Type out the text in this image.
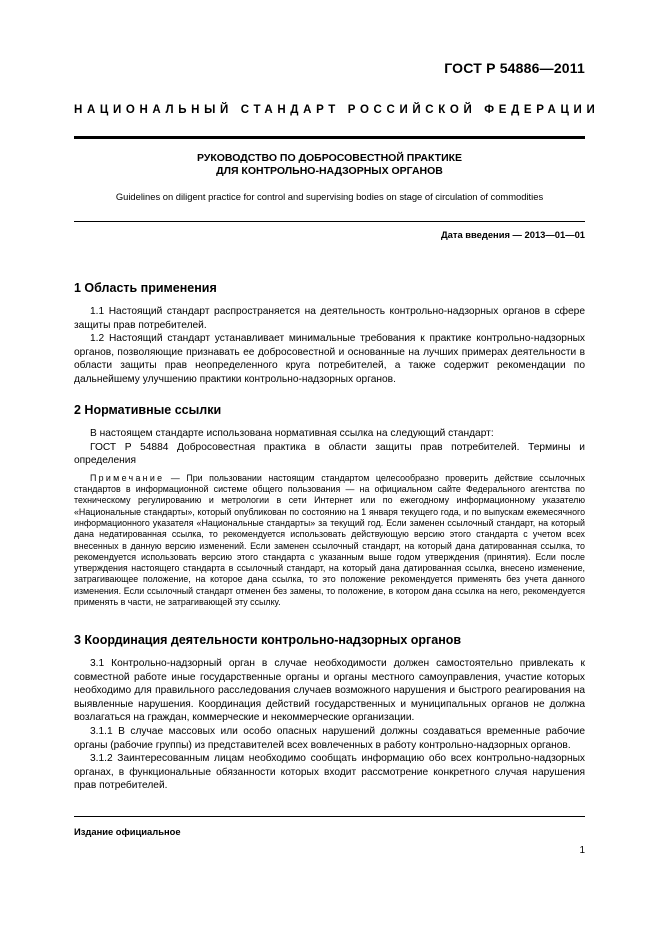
ГОСТ Р 54886—2011
НАЦИОНАЛЬНЫЙ СТАНДАРТ РОССИЙСКОЙ ФЕДЕРАЦИИ
РУКОВОДСТВО ПО ДОБРОСОВЕСТНОЙ ПРАКТИКЕ
ДЛЯ КОНТРОЛЬНО-НАДЗОРНЫХ ОРГАНОВ
Guidelines on diligent practice for control and supervising bodies on stage of circulation of commodities
Дата введения — 2013—01—01
1 Область применения

1.1 Настоящий стандарт распространяется на деятельность контрольно-надзорных органов в сфере защиты прав потребителей.

1.2 Настоящий стандарт устанавливает минимальные требования к практике контрольно-надзорных органов, позволяющие признавать ее добросовестной и основанные на лучших примерах деятельности в области защиты прав неопределенного круга потребителей, а также содержит рекомендации по дальнейшему улучшению практики контрольно-надзорных органов.

2 Нормативные ссылки

В настоящем стандарте использована нормативная ссылка на следующий стандарт:

ГОСТ Р 54884 Добросовестная практика в области защиты прав потребителей. Термины и определения

Примечание — При пользовании настоящим стандартом целесообразно проверить действие ссылочных стандартов в информационной системе общего пользования — на официальном сайте Федерального агентства по техническому регулированию и метрологии в сети Интернет или по ежегодному информационному указателю «Национальные стандарты», который опубликован по состоянию на 1 января текущего года, и по выпускам ежемесячного информационного указателя «Национальные стандарты» за текущий год. Если заменен ссылочный стандарт, на который дана недатированная ссылка, то рекомендуется использовать действующую версию этого стандарта с учетом всех внесенных в данную версию изменений. Если заменен ссылочный стандарт, на который дана датированная ссылка, то рекомендуется использовать версию этого стандарта с указанным выше годом утверждения (принятия). Если после утверждения настоящего стандарта в ссылочный стандарт, на который дана датированная ссылка, внесено изменение, затрагивающее положение, на которое дана ссылка, то это положение рекомендуется применять без учета данного изменения. Если ссылочный стандарт отменен без замены, то положение, в котором дана ссылка на него, рекомендуется применять в части, не затрагивающей эту ссылку.

3 Координация деятельности контрольно-надзорных органов

3.1 Контрольно-надзорный орган в случае необходимости должен самостоятельно привлекать к совместной работе иные государственные органы и органы местного самоуправления, участие которых необходимо для правильного расследования случаев возможного нарушения и быстрого реагирования на выявленные нарушения. Координация действий государственных и муниципальных органов не должна возлагаться на граждан, коммерческие и некоммерческие организации.

3.1.1 В случае массовых или особо опасных нарушений должны создаваться временные рабочие органы (рабочие группы) из представителей всех вовлеченных в работу контрольно-надзорных органов.

3.1.2 Заинтересованным лицам необходимо сообщать информацию обо всех контрольно-надзорных органах, в функциональные обязанности которых входит рассмотрение конкретного случая нарушения прав потребителей.

Издание официальное
1
